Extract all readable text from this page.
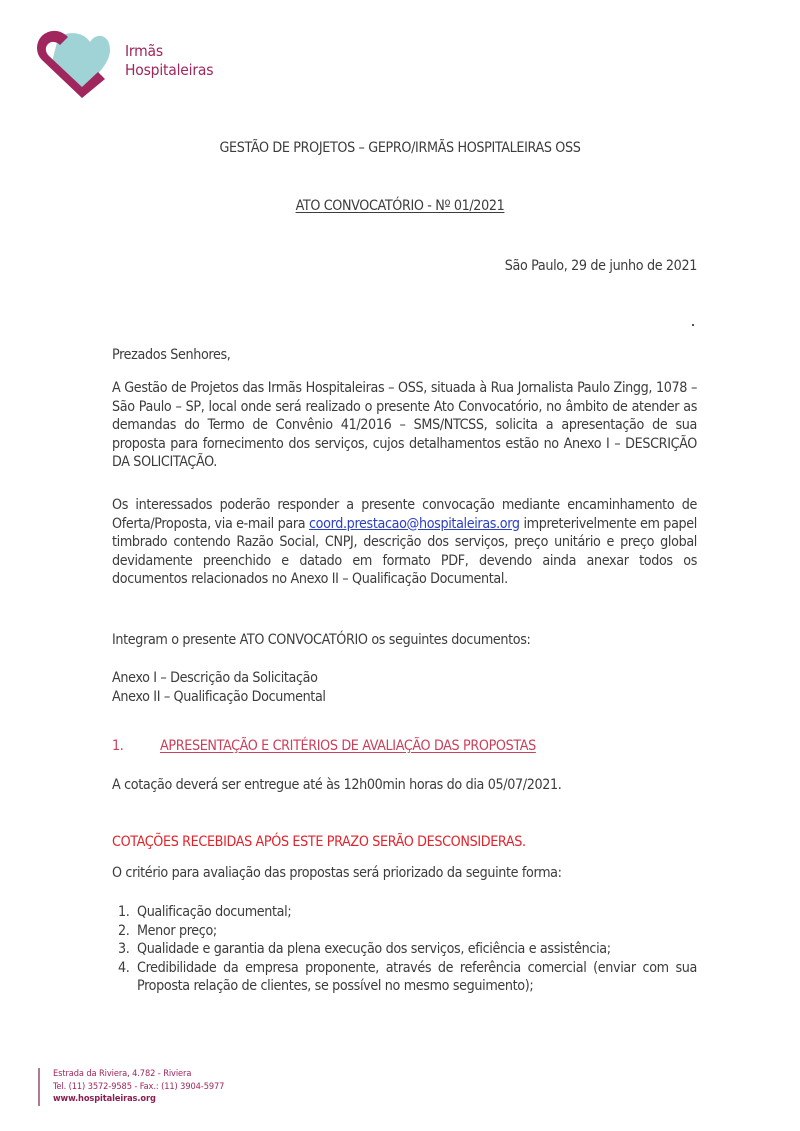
Irmãs
Hospitaleiras
GESTÃO DE PROJETOS – GEPRO/IRMÃS HOSPITALEIRAS OSS
ATO CONVOCATÓRIO - Nº 01/2021
São Paulo, 29 de junho de 2021
Prezados Senhores,
A Gestão de Projetos das Irmãs Hospitaleiras – OSS, situada à Rua Jornalista Paulo Zingg, 1078 – São Paulo – SP, local onde será realizado o presente Ato Convocatório, no âmbito de atender as demandas do Termo de Convênio 41/2016 – SMS/NTCSS, solicita a apresentação de sua proposta para fornecimento dos serviços, cujos detalhamentos estão no Anexo I – DESCRIÇÃO DA SOLICITAÇÃO.
Os interessados poderão responder a presente convocação mediante encaminhamento de Oferta/Proposta, via e-mail para coord.prestacao@hospitaleiras.org impreterivelmente em papel timbrado contendo Razão Social, CNPJ, descrição dos serviços, preço unitário e preço global devidamente preenchido e datado em formato PDF, devendo ainda anexar todos os documentos relacionados no Anexo II – Qualificação Documental.
Integram o presente ATO CONVOCATÓRIO os seguintes documentos:
Anexo I – Descrição da Solicitação
Anexo II – Qualificação Documental
1.	APRESENTAÇÃO E CRITÉRIOS DE AVALIAÇÃO DAS PROPOSTAS
A cotação deverá ser entregue até às 12h00min horas do dia 05/07/2021.
COTAÇÕES RECEBIDAS APÓS ESTE PRAZO SERÃO DESCONSIDERAS.
O critério para avaliação das propostas será priorizado da seguinte forma:
1. Qualificação documental;
2. Menor preço;
3. Qualidade e garantia da plena execução dos serviços, eficiência e assistência;
4. Credibilidade da empresa proponente, através de referência comercial (enviar com sua Proposta relação de clientes, se possível no mesmo seguimento);
Estrada da Riviera, 4.782 - Riviera
Tel. (11) 3572-9585 - Fax.: (11) 3904-5977
www.hospitaleiras.org
